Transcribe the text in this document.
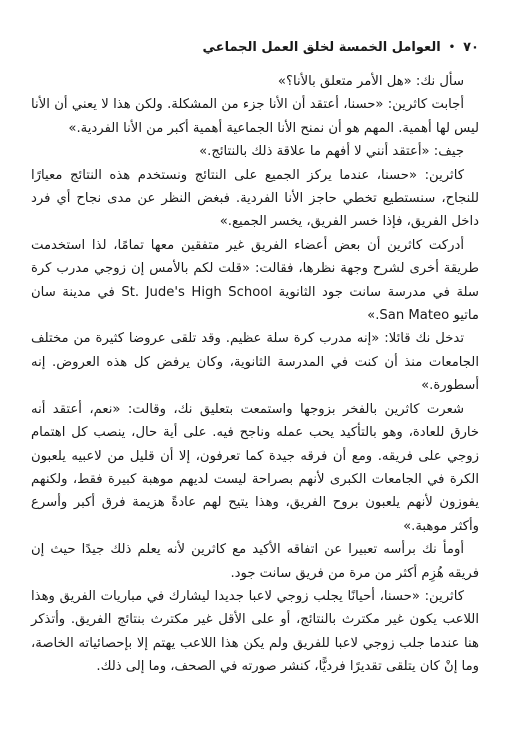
٧٠
•
العوامل الخمسة لخلق العمل الجماعي

سأل نك: «هل الأمر متعلق بالأنا؟»

أجابت كاثرين: «حسنا، أعتقد أن الأنا جزء من المشكلة. ولكن هذا لا يعني أن الأنا ليس لها أهمية. المهم هو أن نمنح الأنا الجماعية أهمية أكبر من الأنا الفردية.»

جيف: «أعتقد أنني لا أفهم ما علاقة ذلك بالنتائج.»

كاثرين: «حسنا، عندما يركز الجميع على النتائج ونستخدم هذه النتائج معيارًا للنجاح، سنستطيع تخطي حاجز الأنا الفردية. فبغض النظر عن مدى نجاح أي فرد داخل الفريق، فإذا خسر الفريق، يخسر الجميع.»

أدركت كاثرين أن بعض أعضاء الفريق غير متفقين معها تمامًا، لذا استخدمت طريقة أخرى لشرح وجهة نظرها، فقالت: «قلت لكم بالأمس إن زوجي مدرب كرة سلة في مدرسة سانت جود الثانوية St. Jude's High School في مدينة سان ماتيو San Mateo.»

تدخل نك قائلا: «إنه مدرب كرة سلة عظيم. وقد تلقى عروضا كثيرة من مختلف الجامعات منذ أن كنت في المدرسة الثانوية، وكان يرفض كل هذه العروض. إنه أسطورة.»

شعرت كاثرين بالفخر بزوجها واستمعت بتعليق نك، وقالت: «نعم، أعتقد أنه خارق للعادة، وهو بالتأكيد يحب عمله وناجح فيه. على أية حال، ينصب كل اهتمام زوجي على فريقه. ومع أن فرقه جيدة كما تعرفون، إلا أن قليل من لاعبيه يلعبون الكرة في الجامعات الكبرى لأنهم بصراحة ليست لديهم موهبة كبيرة فقط، ولكنهم يفوزون لأنهم يلعبون بروح الفريق، وهذا يتيح لهم عادةً هزيمة فرق أكبر وأسرع وأكثر موهبة.»

أومأ نك برأسه تعبيرا عن اتفاقه الأكيد مع كاثرين لأنه يعلم ذلك جيدًا حيث إن فريقه هُزِم أكثر من مرة من فريق سانت جود.

كاثرين: «حسنا، أحيانًا يجلب زوجي لاعبا جديدا ليشارك في مباريات الفريق وهذا اللاعب يكون غير مكترث بالنتائج، أو على الأقل غير مكترث بنتائج الفريق. وأتذكر هنا عندما جلب زوجي لاعبا للفريق ولم يكن هذا اللاعب يهتم إلا بإحصائياته الخاصة، وما إنْ كان يتلقى تقديرًا فرديًّا، كنشر صورته في الصحف، وما إلى ذلك.
